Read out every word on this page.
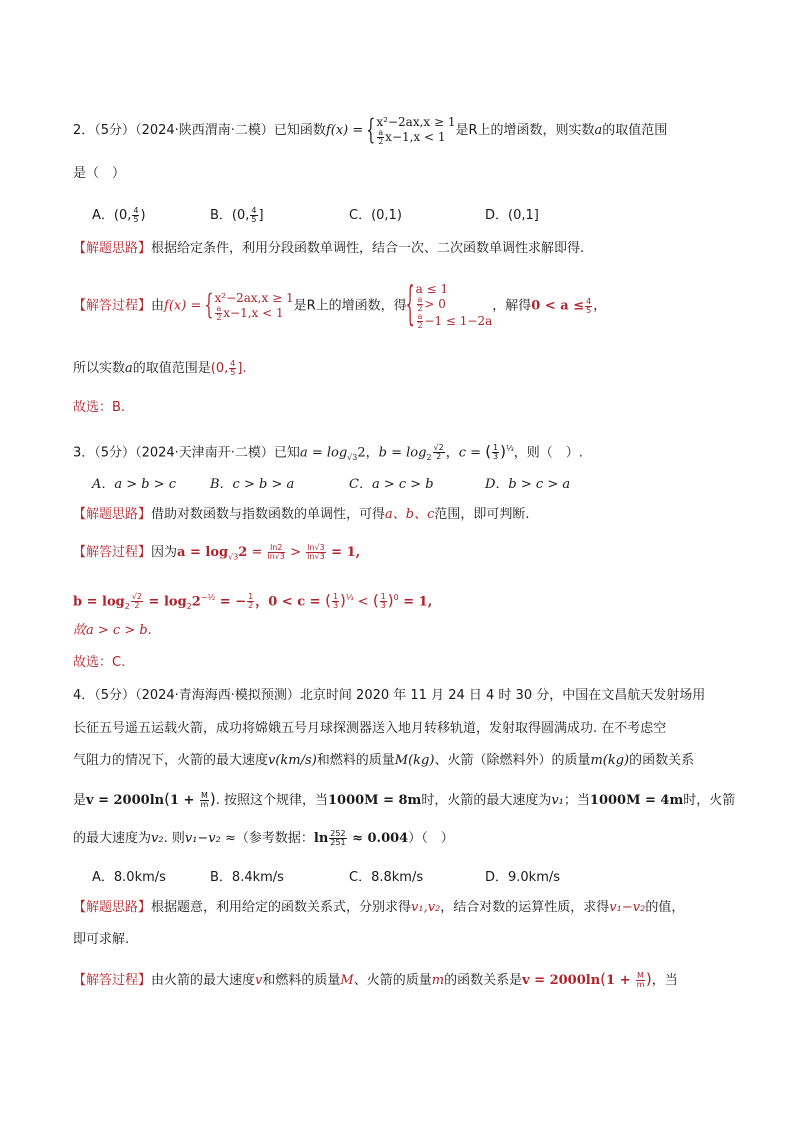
2．（5分）（2024·陕西渭南·二模）已知函数f(x) =
{ x²−2ax,x ≥ 1
$\frac{a}{2} x-1,x < 1$ 是R上的增函数，则实数a的取值范围
是（　）
A．(0, $\frac{4}{5}$ )	B．(0, $\frac{4}{5}$ ]	C．(0,1)	D．(0,1]
【解题思路】根据给定条件，利用分段函数单调性，结合一次、二次函数单调性求解即得.
【解答过程】由f(x) =
{ x²−2ax,x ≥ 1
$\frac{a}{2} x-1,x < 1$ 是R上的增函数，得
{ a ≤ 1
$\frac{a}{2} > 0$
$\frac{a}{2} -1 \le 1-2a$
，解得$0 < a \le \frac{4}{5}$ ，
所以实数a的取值范围是(0, $\frac{4}{5}$ ].
故选：B.
3．（5分）（2024·天津南开·二模）已知$a = \log_{√3}2$，$b = \log_2 \frac{√2}{2}$ ，c = ( $\frac{1}{3} )^{\frac{1}{3}}$，则（　）.
A．a > b > c	B．c > b > a	C．a > c > b	D．b > c > a
【解题思路】借助对数函数与指数函数的单调性，可得a、b、c范围，即可判断.
【解答过程】因为$a = \log_{√3}2 = \frac{\ln 2}{\ln√3} > \frac{\ln√3}{\ln√3} = 1$,
$b = \log_2 \frac{√2}{2} = \log_22^{-\frac{1}{2}}$ = − $\frac{1}{2}$ ，0 < c = ( $\frac{1}{3} )^{\frac{1}{3}}$ < ( $\frac{1}{3} )^0 = 1$,
故a > c > b.
故选：C.
4．（5分）（2024·青海海西·模拟预测）北京时间 2020 年 11 月 24 日 4 时 30 分，中国在文昌航天发射场用
长征五号遥五运载火箭，成功将嫦娥五号月球探测器送入地月转移轨道，发射取得圆满成功. 在不考虑空
气阻力的情况下，火箭的最大速度v(km/s)和燃料的质量M(kg)、火箭（除燃料外）的质量m(kg)的函数关系
是$v = 2000\ln(1 + \frac{M}{m}$ ). 按照这个规律，当1000M = 8m时，火箭的最大速度为v₁；当1000M = 4m时，火箭
的最大速度为v₂. 则v₁−v₂ ≈（参考数据：$\ln \frac{252}{251} \approx 0.004$）（　）
A．8.0km/s	B．8.4km/s	C．8.8km/s	D．9.0km/s
【解题思路】根据题意，利用给定的函数关系式，分别求得v₁,v₂，结合对数的运算性质，求得v₁−v₂的值，
即可求解.
【解答过程】由火箭的最大速度v和燃料的质量M、火箭的质量m的函数关系是$v = 2000\ln(1 + \frac{M}{m}$ )，当
